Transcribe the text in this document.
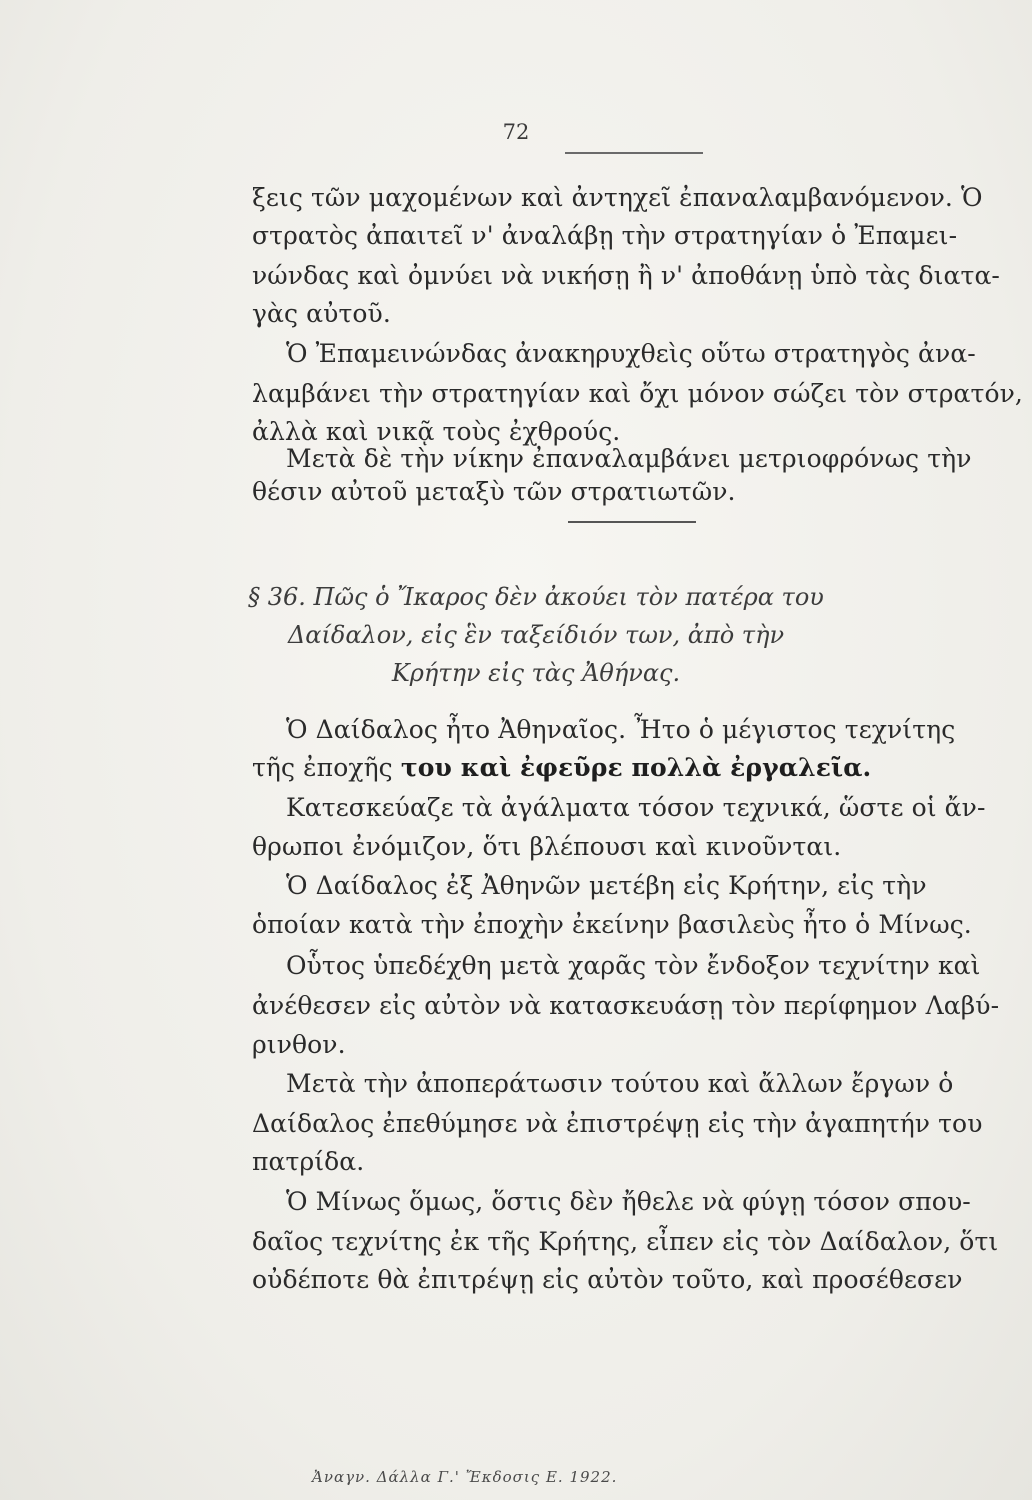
72
ξεις τῶν μαχομένων καὶ ἀντηχεῖ ἐπαναλαμβανόμενον. Ὁ
στρατὸς ἀπαιτεῖ ν' ἀναλάβῃ τὴν στρατηγίαν ὁ Ἐπαμει-
νώνδας καὶ ὀμνύει νὰ νικήσῃ ἢ ν' ἀποθάνῃ ὑπὸ τὰς διατα-
γὰς αὐτοῦ.
Ὁ Ἐπαμεινώνδας ἀνακηρυχθεὶς οὕτω στρατηγὸς ἀνα-
λαμβάνει τὴν στρατηγίαν καὶ ὄχι μόνον σώζει τὸν στρατόν,
ἀλλὰ καὶ νικᾷ τοὺς ἐχθρούς.
Μετὰ δὲ τὴν νίκην ἐπαναλαμβάνει μετριοφρόνως τὴν
θέσιν αὐτοῦ μεταξὺ τῶν στρατιωτῶν.
§ 36. Πῶς ὁ Ἴκαρος δὲν ἀκούει τὸν πατέρα του
Δαίδαλον, εἰς ἓν ταξείδιόν των, ἀπὸ τὴν
Κρήτην εἰς τὰς Ἀθήνας.
Ὁ Δαίδαλος ἦτο Ἀθηναῖος. Ἦτο ὁ μέγιστος τεχνίτης
τῆς ἐποχῆς του καὶ ἐφεῦρε πολλὰ ἐργαλεῖα.
Κατεσκεύαζε τὰ ἀγάλματα τόσον τεχνικά, ὥστε οἱ ἄν-
θρωποι ἐνόμιζον, ὅτι βλέπουσι καὶ κινοῦνται.
Ὁ Δαίδαλος ἐξ Ἀθηνῶν μετέβη εἰς Κρήτην, εἰς τὴν
ὁποίαν κατὰ τὴν ἐποχὴν ἐκείνην βασιλεὺς ἦτο ὁ Μίνως.
Οὗτος ὑπεδέχθη μετὰ χαρᾶς τὸν ἔνδοξον τεχνίτην καὶ
ἀνέθεσεν εἰς αὐτὸν νὰ κατασκευάσῃ τὸν περίφημον Λαβύ-
ρινθον.
Μετὰ τὴν ἀποπεράτωσιν τούτου καὶ ἄλλων ἔργων ὁ
Δαίδαλος ἐπεθύμησε νὰ ἐπιστρέψῃ εἰς τὴν ἀγαπητήν του
πατρίδα.
Ὁ Μίνως ὅμως, ὅστις δὲν ἤθελε νὰ φύγῃ τόσον σπου-
δαῖος τεχνίτης ἐκ τῆς Κρήτης, εἶπεν εἰς τὸν Δαίδαλον, ὅτι
οὐδέποτε θὰ ἐπιτρέψῃ εἰς αὐτὸν τοῦτο, καὶ προσέθεσεν
Ἀναγν. Δάλλα Γ.' Ἔκδοσις Ε. 1922.
